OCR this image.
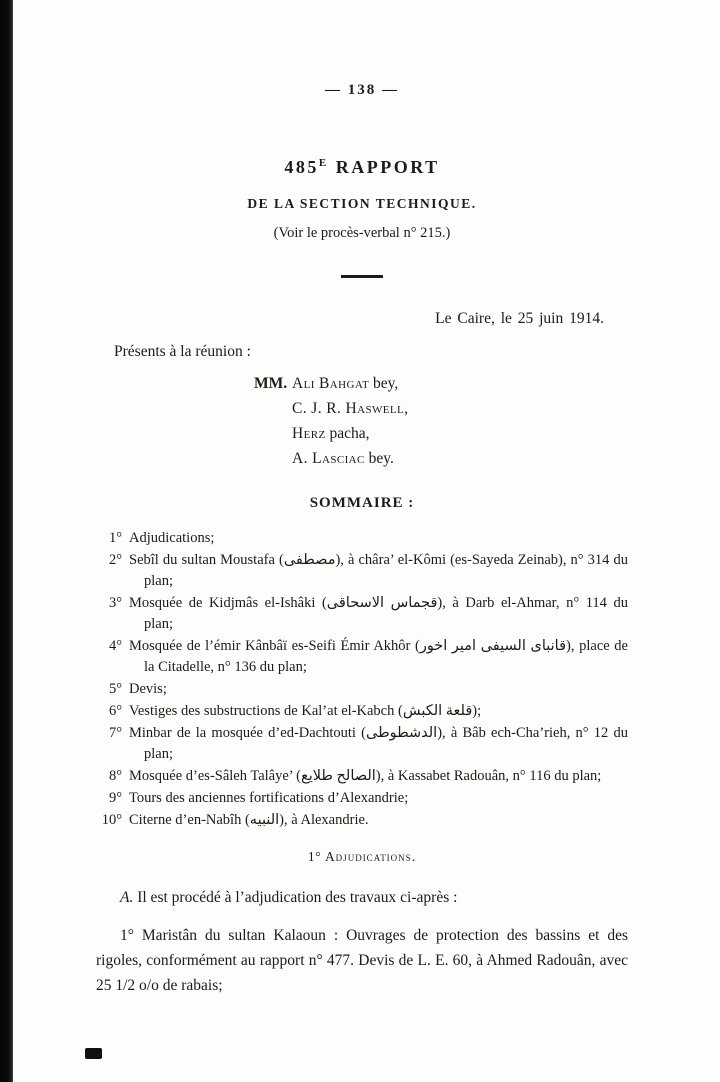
— 138 —
$485^E$ RAPPORT
DE LA SECTION TECHNIQUE.
(Voir le procès-verbal n° 215.)
Le Caire, le 25 juin 1914.
Présents à la réunion :
MM. Ali Bahgat bey,
C. J. R. Haswell,
Herz pacha,
A. Lasciac bey.
SOMMAIRE :
1° Adjudications;
2° Sebîl du sultan Moustafa (مصطفى), à châra’ el-Kômi (es-Sayeda Zeinab), n° 314 du plan;
3° Mosquée de Kidjmâs el-Ishâki (قجماس الاسحاقى), à Darb el-Ahmar, n° 114 du plan;
4° Mosquée de l’émir Kânbâï es-Seifi Émir Akhôr (قانباى السيفى امير اخور), place de la Citadelle, n° 136 du plan;
5° Devis;
6° Vestiges des substructions de Kal’at el-Kabch (قلعة الكبش);
7° Minbar de la mosquée d’ed-Dachtouti (الدشطوطى), à Bâb ech-Cha’rieh, n° 12 du plan;
8° Mosquée d’es-Sâleh Talâye’ (الصالح طلايع), à Kassabet Radouân, n° 116 du plan;
9° Tours des anciennes fortifications d’Alexandrie;
10° Citerne d’en-Nabîh (النبيه), à Alexandrie.
1° Adjudications.

A. Il est procédé à l’adjudication des travaux ci-après :

1° Maristân du sultan Kalaoun : Ouvrages de protection des bassins et des rigoles, conformément au rapport n° 477. Devis de L. E. 60, à Ahmed Radouân, avec 25 1/2 o/o de rabais;
